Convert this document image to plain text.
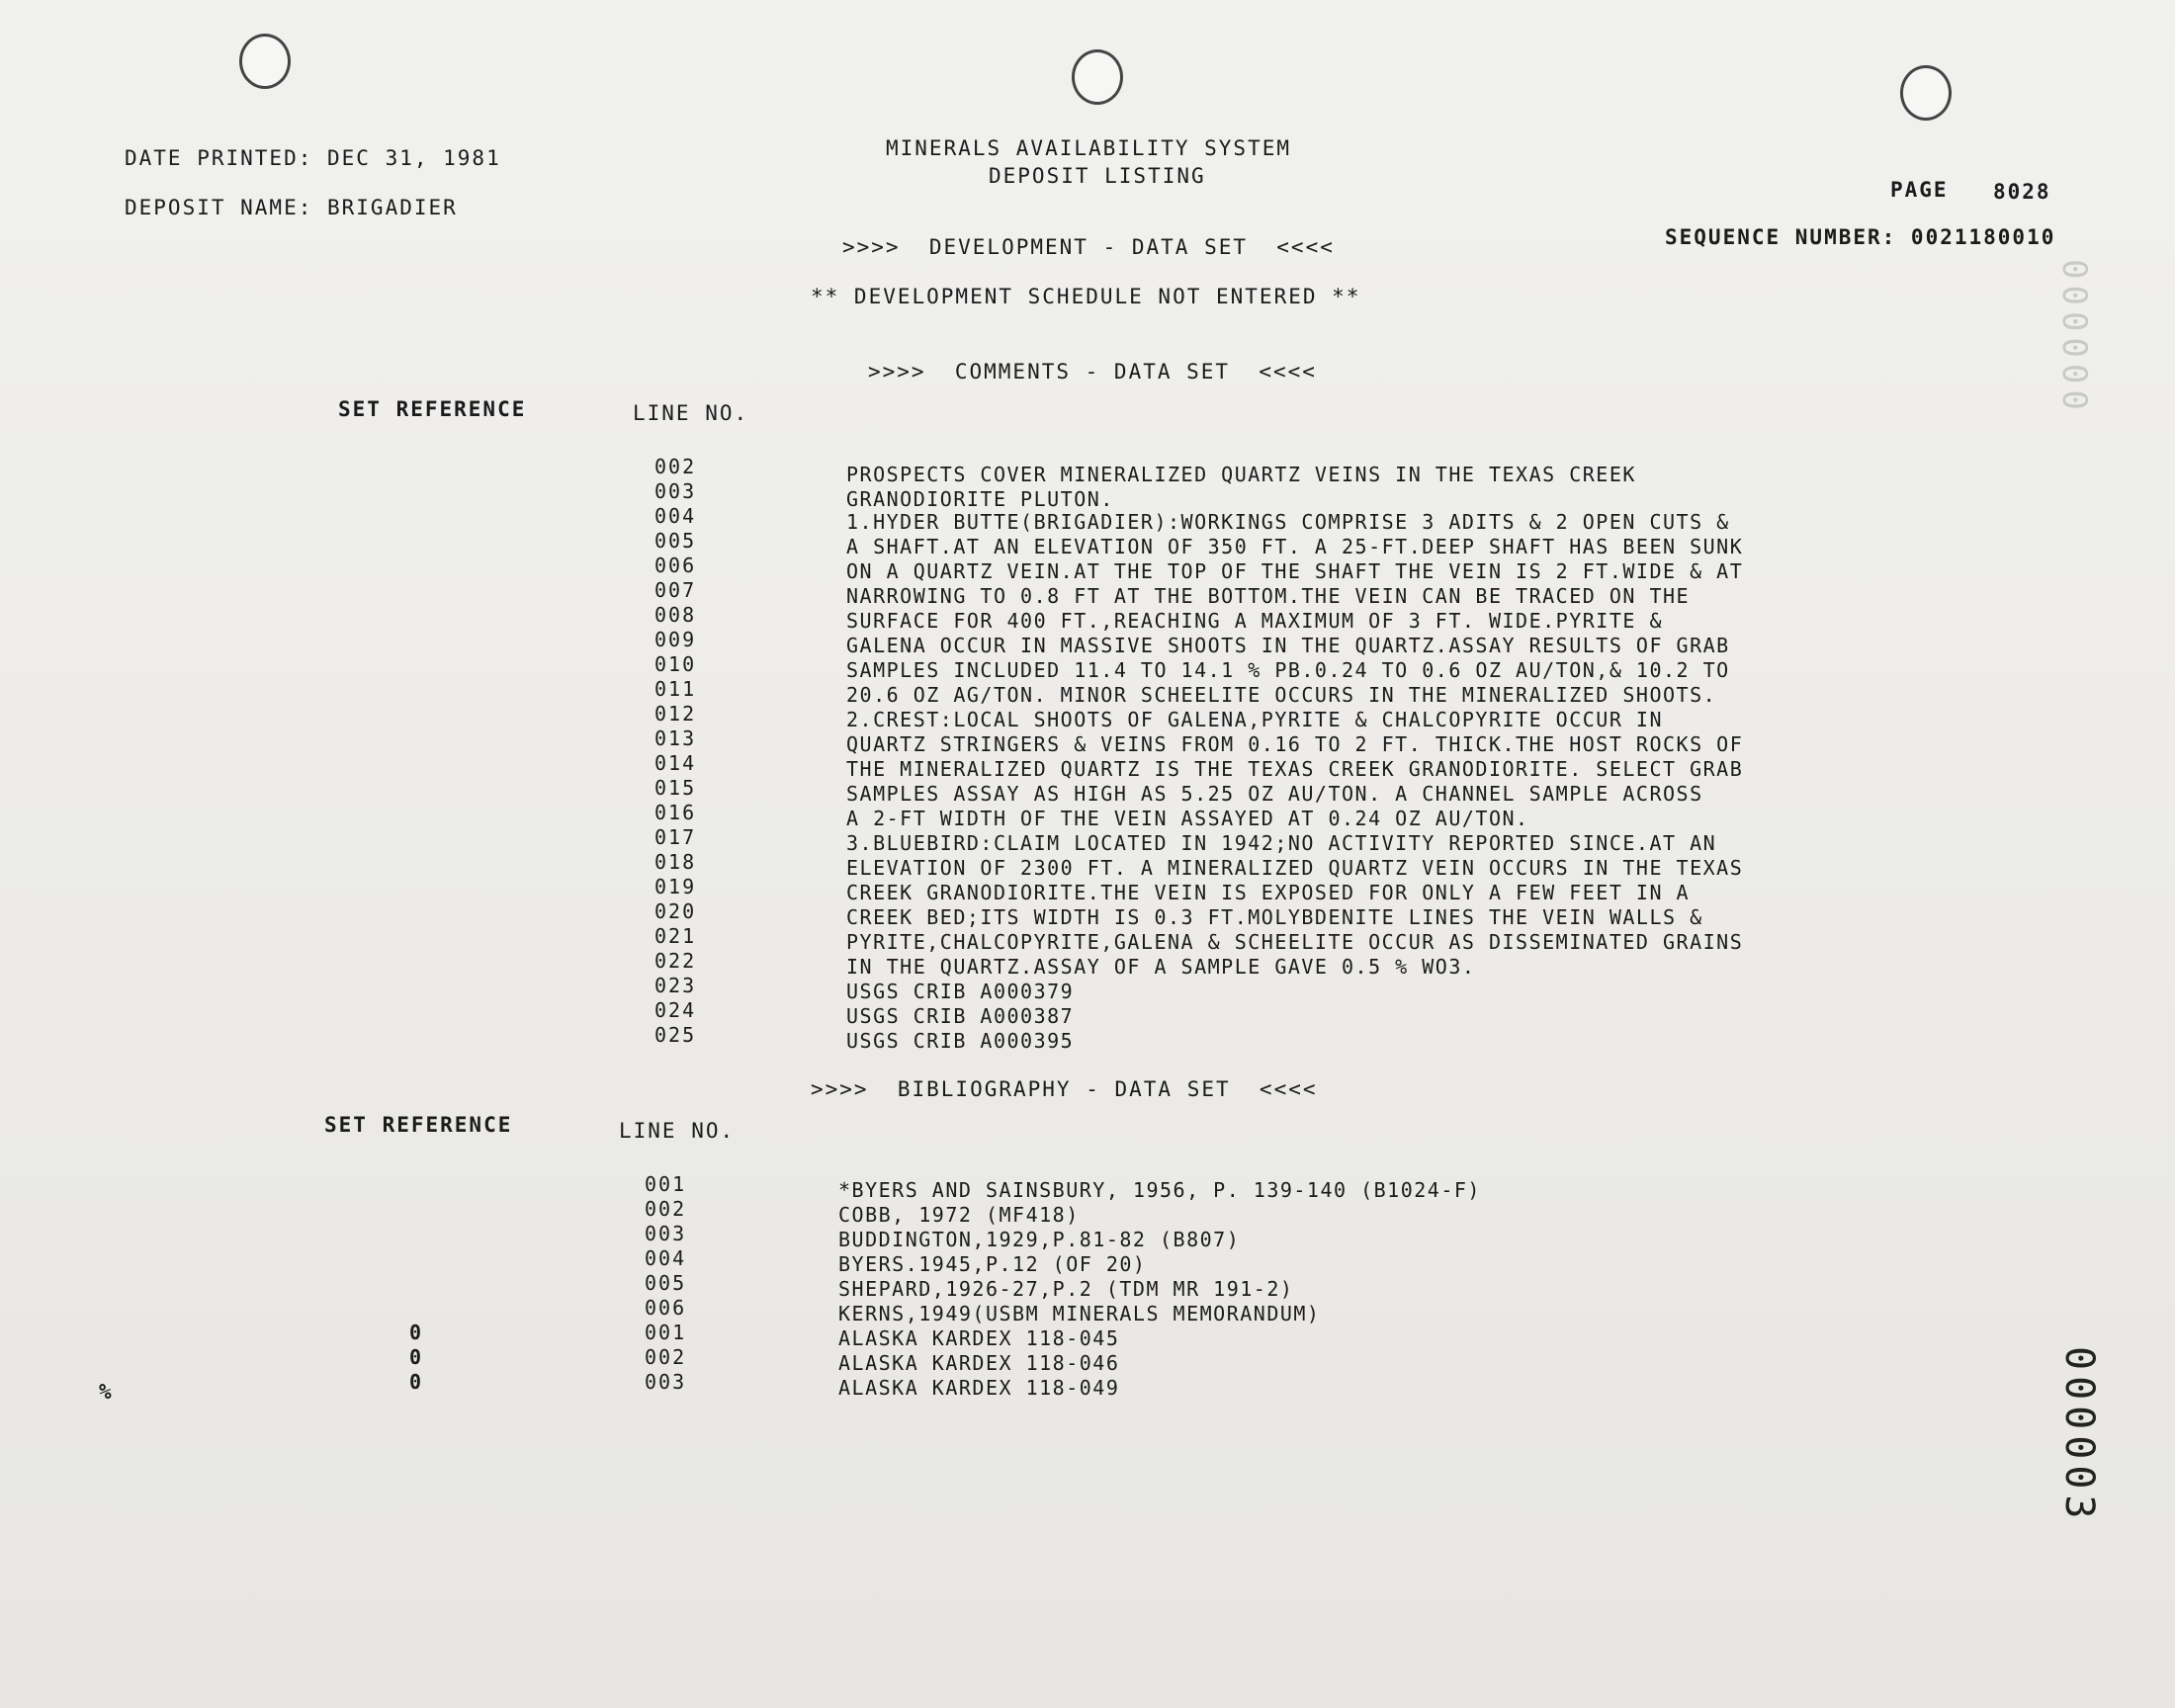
DATE PRINTED: DEC 31, 1981
DEPOSIT NAME: BRIGADIER
MINERALS AVAILABILITY SYSTEM
DEPOSIT LISTING
PAGE 8028
SEQUENCE NUMBER: 0021180010
>>>>  DEVELOPMENT - DATA SET  <<<<
** DEVELOPMENT SCHEDULE NOT ENTERED **
>>>>  COMMENTS - DATA SET  <<<<
SET REFERENCE	LINE NO.
002	PROSPECTS COVER MINERALIZED QUARTZ VEINS IN THE TEXAS CREEK
003	GRANODIORITE PLUTON.
004	1.HYDER BUTTE(BRIGADIER):WORKINGS COMPRISE 3 ADITS & 2 OPEN CUTS &
005	A SHAFT.AT AN ELEVATION OF 350 FT. A 25-FT.DEEP SHAFT HAS BEEN SUNK
006	ON A QUARTZ VEIN.AT THE TOP OF THE SHAFT THE VEIN IS 2 FT.WIDE & AT
007	NARROWING TO 0.8 FT AT THE BOTTOM.THE VEIN CAN BE TRACED ON THE
008	SURFACE FOR 400 FT.,REACHING A MAXIMUM OF 3 FT. WIDE.PYRITE &
009	GALENA OCCUR IN MASSIVE SHOOTS IN THE QUARTZ.ASSAY RESULTS OF GRAB
010	SAMPLES INCLUDED 11.4 TO 14.1 % PB.0.24 TO 0.6 OZ AU/TON,& 10.2 TO
011	20.6 OZ AG/TON. MINOR SCHEELITE OCCURS IN THE MINERALIZED SHOOTS.
012	2.CREST:LOCAL SHOOTS OF GALENA,PYRITE & CHALCOPYRITE OCCUR IN
013	QUARTZ STRINGERS & VEINS FROM 0.16 TO 2 FT. THICK.THE HOST ROCKS OF
014	THE MINERALIZED QUARTZ IS THE TEXAS CREEK GRANODIORITE. SELECT GRAB
015	SAMPLES ASSAY AS HIGH AS 5.25 OZ AU/TON. A CHANNEL SAMPLE ACROSS
016	A 2-FT WIDTH OF THE VEIN ASSAYED AT 0.24 OZ AU/TON.
017	3.BLUEBIRD:CLAIM LOCATED IN 1942;NO ACTIVITY REPORTED SINCE.AT AN
018	ELEVATION OF 2300 FT. A MINERALIZED QUARTZ VEIN OCCURS IN THE TEXAS
019	CREEK GRANODIORITE.THE VEIN IS EXPOSED FOR ONLY A FEW FEET IN A
020	CREEK BED;ITS WIDTH IS 0.3 FT.MOLYBDENITE LINES THE VEIN WALLS &
021	PYRITE,CHALCOPYRITE,GALENA & SCHEELITE OCCUR AS DISSEMINATED GRAINS
022	IN THE QUARTZ.ASSAY OF A SAMPLE GAVE 0.5 % WO3.
023	USGS CRIB A000379
024	USGS CRIB A000387
025	USGS CRIB A000395
>>>>  BIBLIOGRAPHY - DATA SET  <<<<
SET REFERENCE	LINE NO.
001	*BYERS AND SAINSBURY, 1956, P. 139-140 (B1024-F)
002	COBB, 1972 (MF418)
003	BUDDINGTON,1929,P.81-82 (B807)
004	BYERS.1945,P.12 (OF 20)
005	SHEPARD,1926-27,P.2 (TDM MR 191-2)
006	KERNS,1949(USBM MINERALS MEMORANDUM)
0	001	ALASKA KARDEX 118-045
0	002	ALASKA KARDEX 118-046
0	003	ALASKA KARDEX 118-049
%	000003
000000
